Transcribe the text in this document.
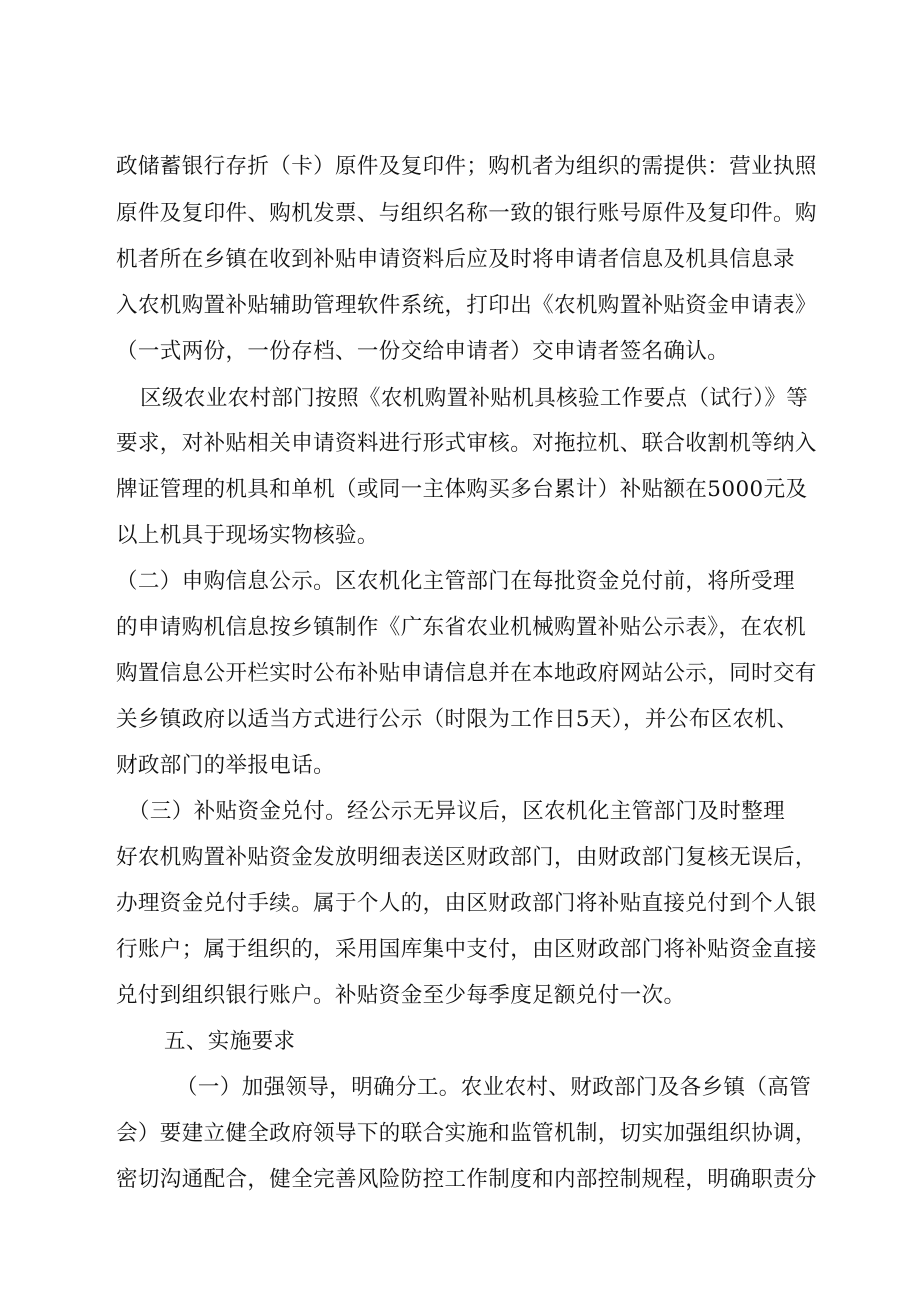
政储蓄银行存折（卡）原件及复印件；购机者为组织的需提供：营业执照
原件及复印件、购机发票、与组织名称一致的银行账号原件及复印件。购
机者所在乡镇在收到补贴申请资料后应及时将申请者信息及机具信息录
入农机购置补贴辅助管理软件系统，打印出《农机购置补贴资金申请表》
（一式两份，一份存档、一份交给申请者）交申请者签名确认。
区级农业农村部门按照《农机购置补贴机具核验工作要点（试行）》等
要求，对补贴相关申请资料进行形式审核。对拖拉机、联合收割机等纳入
牌证管理的机具和单机（或同一主体购买多台累计）补贴额在5000元及
以上机具于现场实物核验。
（二）申购信息公示。区农机化主管部门在每批资金兑付前，将所受理
的申请购机信息按乡镇制作《广东省农业机械购置补贴公示表》，在农机
购置信息公开栏实时公布补贴申请信息并在本地政府网站公示，同时交有
关乡镇政府以适当方式进行公示（时限为工作日5天），并公布区农机、
财政部门的举报电话。
（三）补贴资金兑付。经公示无异议后，区农机化主管部门及时整理
好农机购置补贴资金发放明细表送区财政部门，由财政部门复核无误后，
办理资金兑付手续。属于个人的，由区财政部门将补贴直接兑付到个人银
行账户；属于组织的，采用国库集中支付，由区财政部门将补贴资金直接
兑付到组织银行账户。补贴资金至少每季度足额兑付一次。
五、实施要求
（一）加强领导，明确分工。农业农村、财政部门及各乡镇（高管
会）要建立健全政府领导下的联合实施和监管机制，切实加强组织协调，
密切沟通配合，健全完善风险防控工作制度和内部控制规程，明确职责分
